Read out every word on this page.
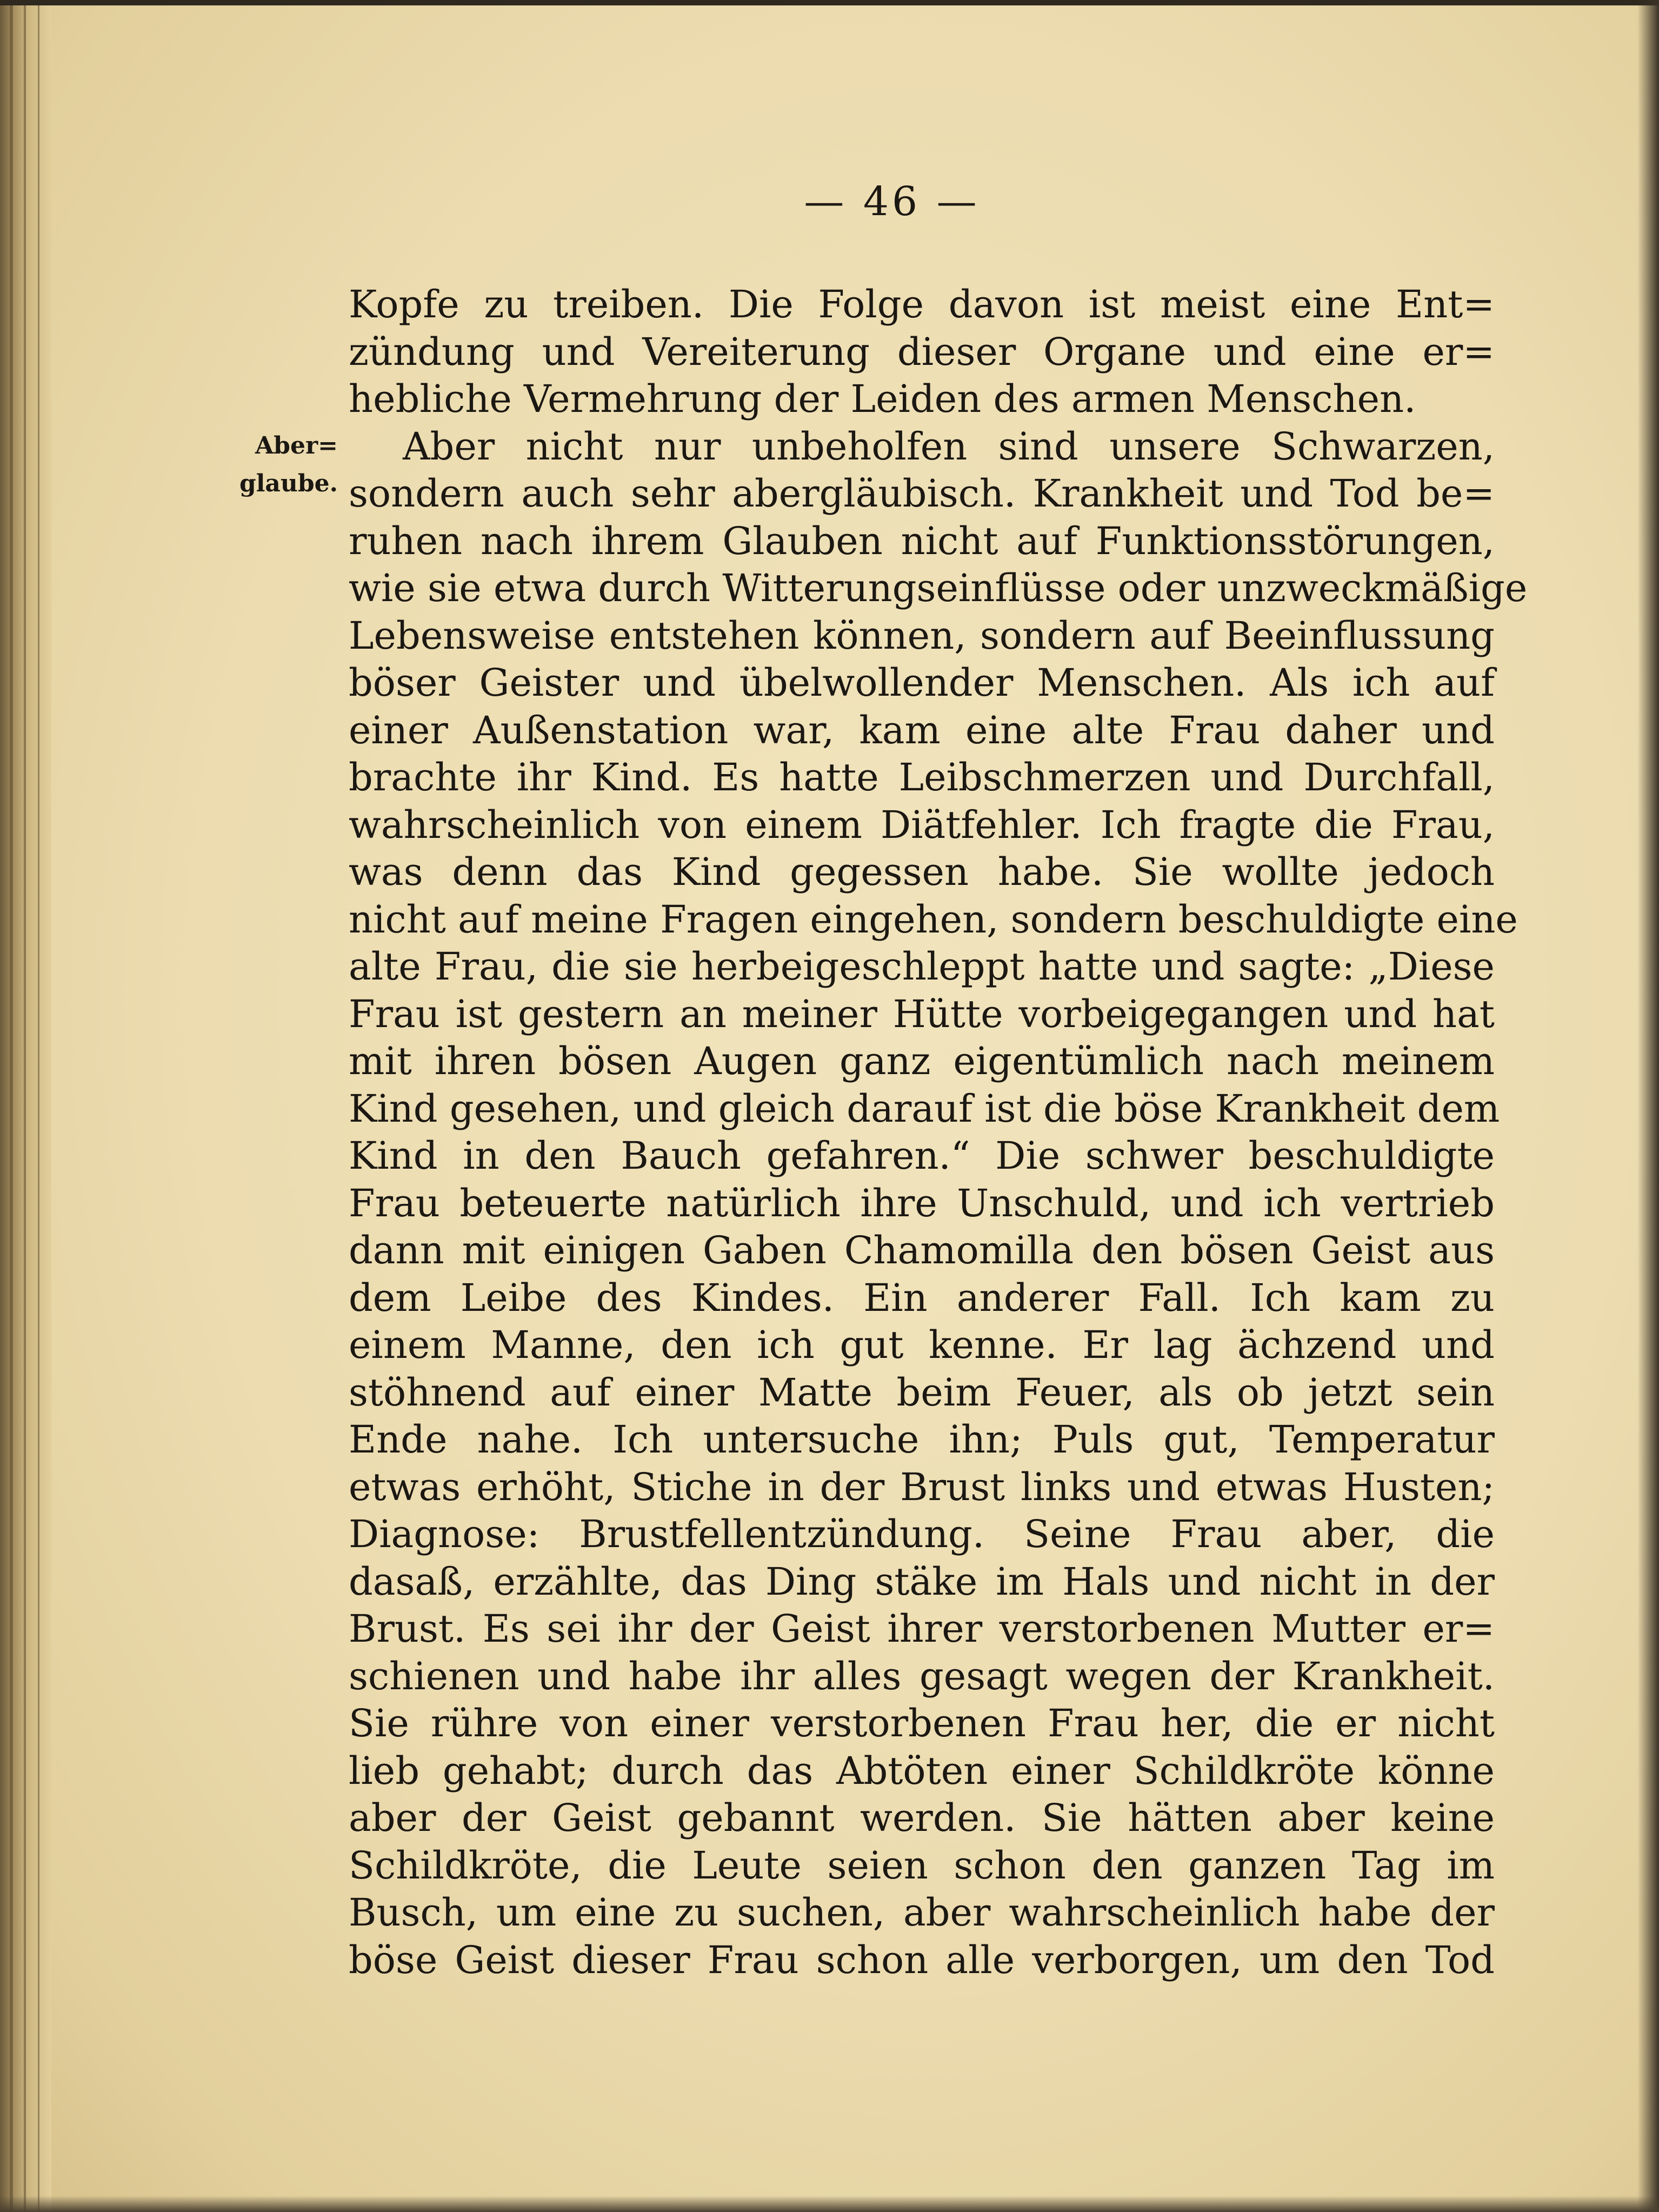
— 46 —
Aber=
glaube.
Kopfe zu treiben. Die Folge davon ist meist eine Ent=
zündung und Vereiterung dieser Organe und eine er=
hebliche Vermehrung der Leiden des armen Menschen.
Aber nicht nur unbeholfen sind unsere Schwarzen,
sondern auch sehr abergläubisch. Krankheit und Tod be=
ruhen nach ihrem Glauben nicht auf Funktionsstörungen,
wie sie etwa durch Witterungseinflüsse oder unzweckmäßige
Lebensweise entstehen können, sondern auf Beeinflussung
böser Geister und übelwollender Menschen. Als ich auf
einer Außenstation war, kam eine alte Frau daher und
brachte ihr Kind. Es hatte Leibschmerzen und Durchfall,
wahrscheinlich von einem Diätfehler. Ich fragte die Frau,
was denn das Kind gegessen habe. Sie wollte jedoch
nicht auf meine Fragen eingehen, sondern beschuldigte eine
alte Frau, die sie herbeigeschleppt hatte und sagte: „Diese
Frau ist gestern an meiner Hütte vorbeigegangen und hat
mit ihren bösen Augen ganz eigentümlich nach meinem
Kind gesehen, und gleich darauf ist die böse Krankheit dem
Kind in den Bauch gefahren.“ Die schwer beschuldigte
Frau beteuerte natürlich ihre Unschuld, und ich vertrieb
dann mit einigen Gaben Chamomilla den bösen Geist aus
dem Leibe des Kindes. Ein anderer Fall. Ich kam zu
einem Manne, den ich gut kenne. Er lag ächzend und
stöhnend auf einer Matte beim Feuer, als ob jetzt sein
Ende nahe. Ich untersuche ihn; Puls gut, Temperatur
etwas erhöht, Stiche in der Brust links und etwas Husten;
Diagnose: Brustfellentzündung. Seine Frau aber, die
dasaß, erzählte, das Ding stäke im Hals und nicht in der
Brust. Es sei ihr der Geist ihrer verstorbenen Mutter er=
schienen und habe ihr alles gesagt wegen der Krankheit.
Sie rühre von einer verstorbenen Frau her, die er nicht
lieb gehabt; durch das Abtöten einer Schildkröte könne
aber der Geist gebannt werden. Sie hätten aber keine
Schildkröte, die Leute seien schon den ganzen Tag im
Busch, um eine zu suchen, aber wahrscheinlich habe der
böse Geist dieser Frau schon alle verborgen, um den Tod
